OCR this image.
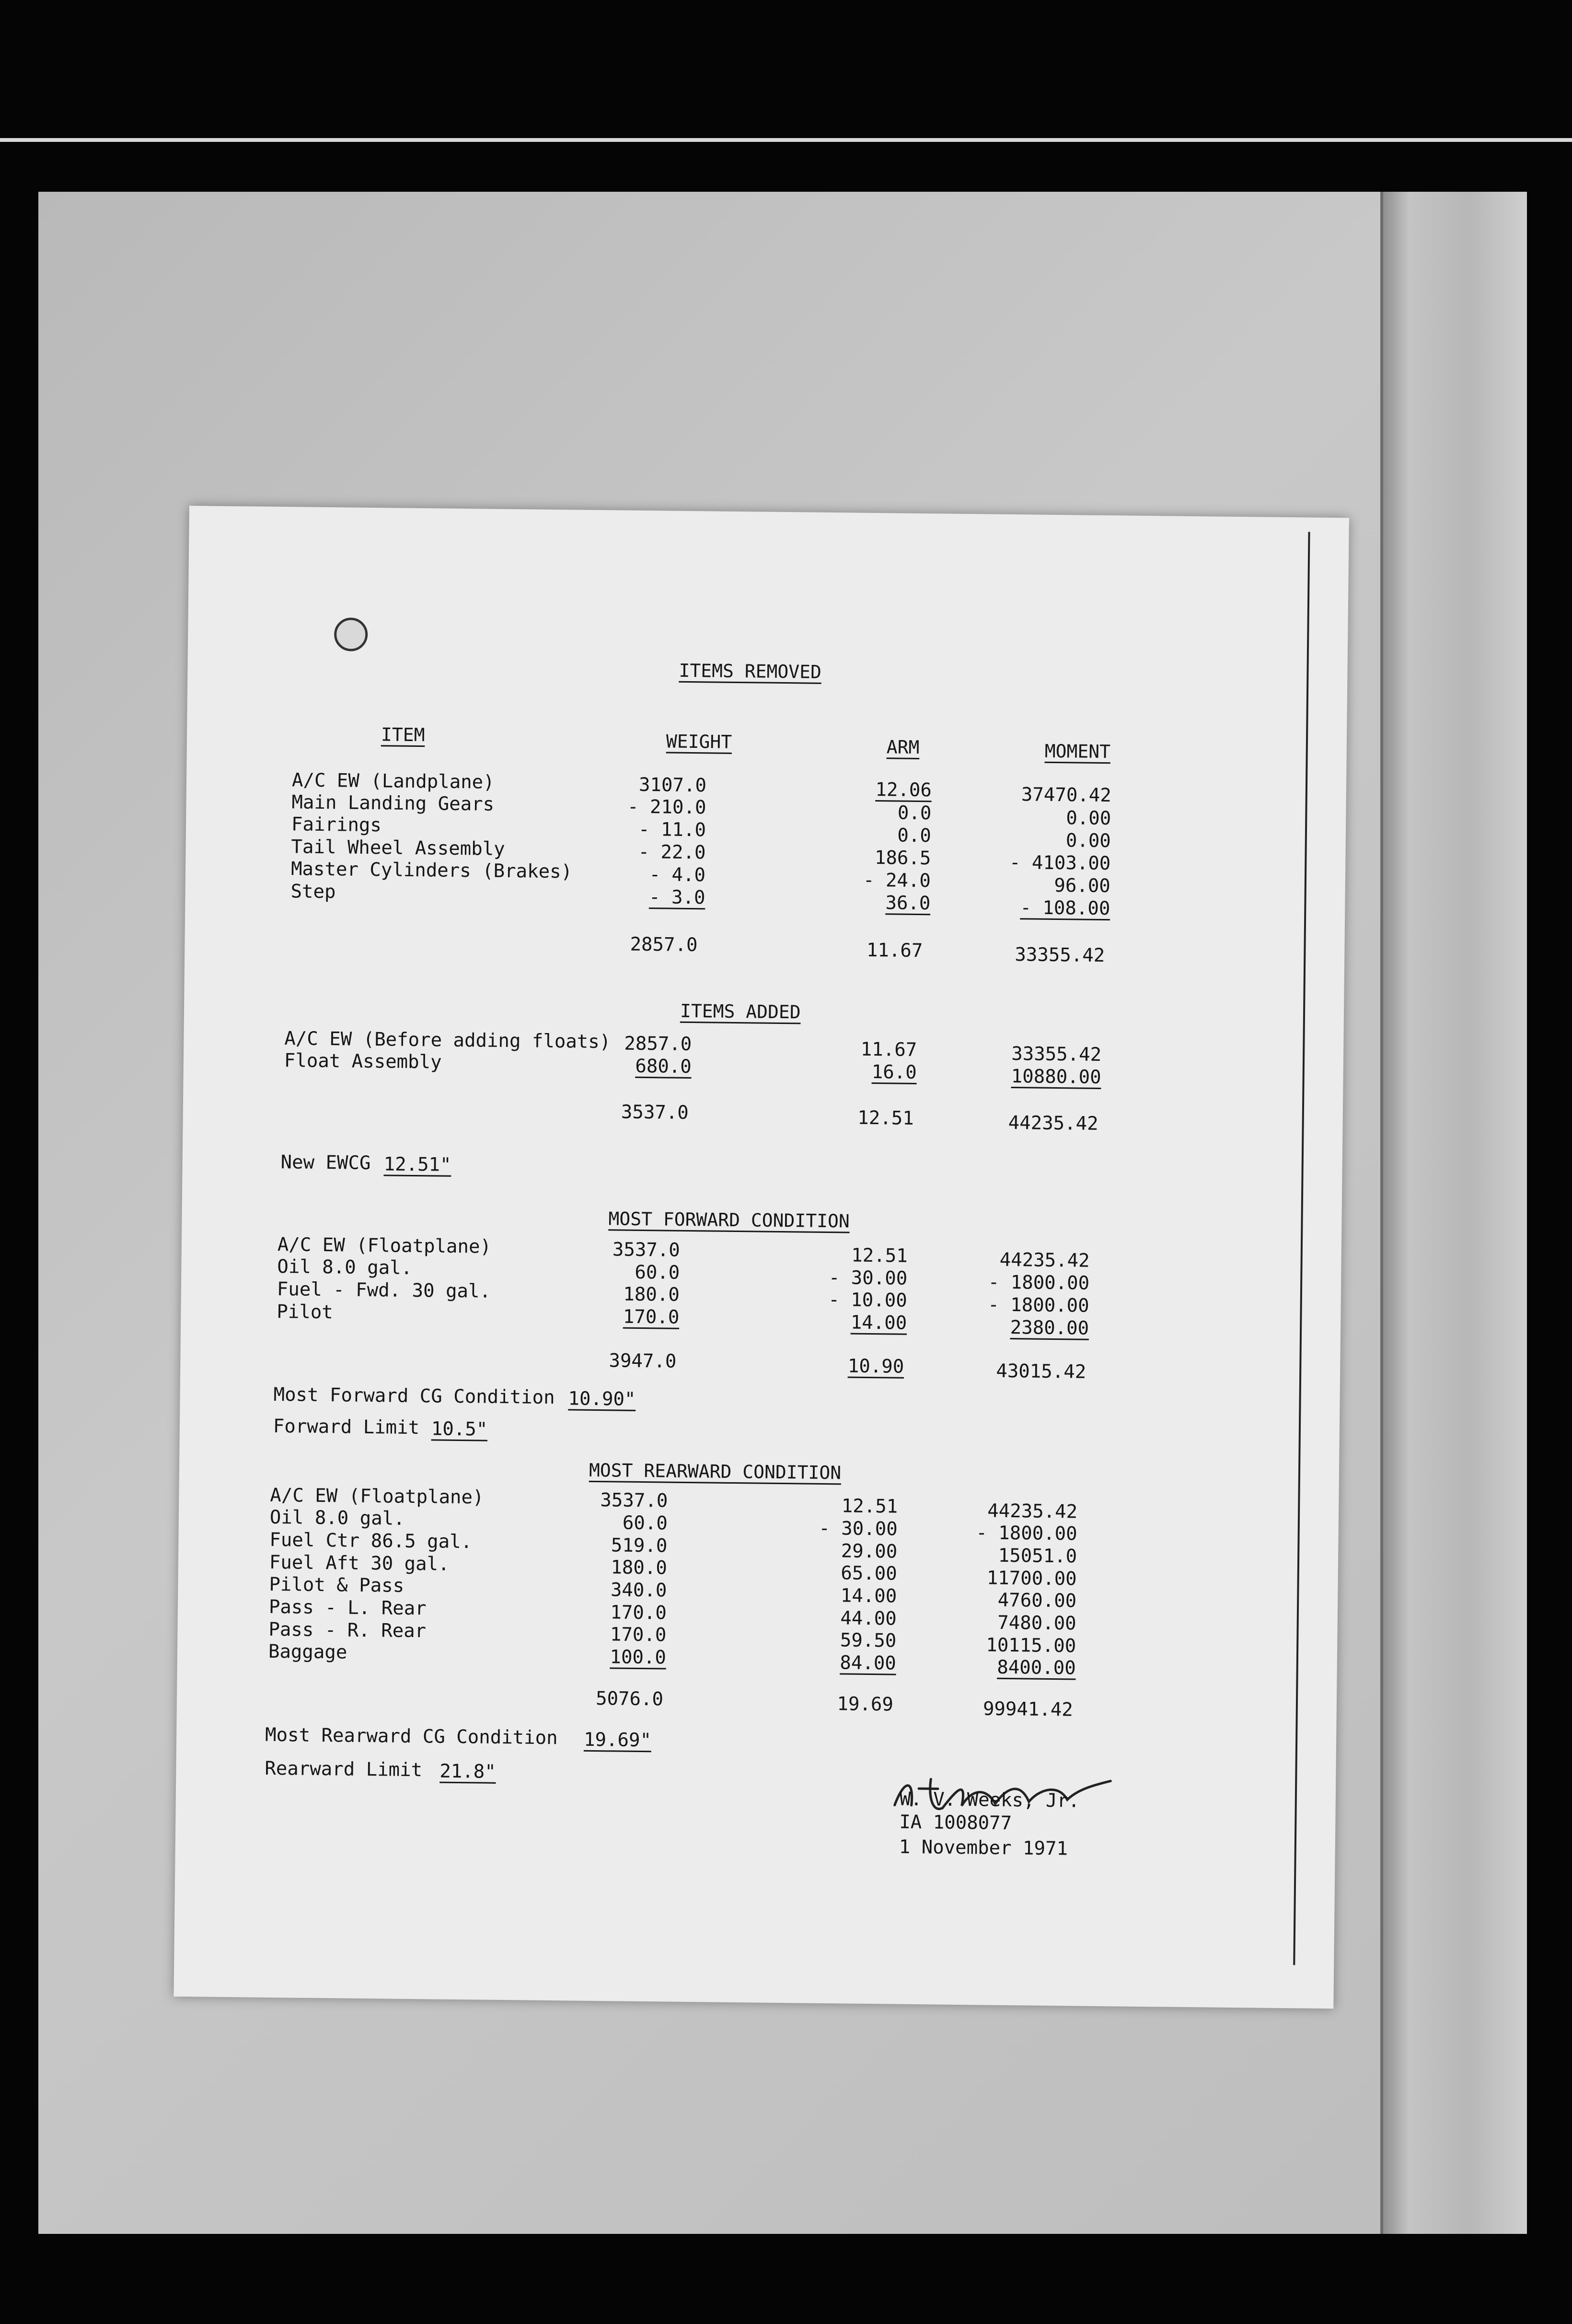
ITEMS REMOVED
ITEM	WEIGHT	ARM	MOMENT
A/C EW (Landplane)	3107.0	12.06	37470.42
Main Landing Gears	- 210.0	0.0	0.00
Fairings	- 11.0	0.0	0.00
Tail Wheel Assembly	- 22.0	186.5	- 4103.00
Master Cylinders (Brakes)	- 4.0	- 24.0	96.00
Step	- 3.0	36.0	- 108.00
2857.0	11.67	33355.42
ITEMS ADDED
A/C EW (Before adding floats) 2857.0	11.67	33355.42
Float Assembly	680.0	16.0	10880.00
3537.0	12.51	44235.42
New EWCG 12.51"
MOST FORWARD CONDITION
A/C EW (Floatplane)	3537.0	12.51	44235.42
Oil 8.0 gal.	60.0	- 30.00	- 1800.00
Fuel - Fwd. 30 gal.	180.0	- 10.00	- 1800.00
Pilot	170.0	14.00	2380.00
3947.0	10.90	43015.42
Most Forward CG Condition 10.90"
Forward Limit 10.5"
MOST REARWARD CONDITION
A/C EW (Floatplane)	3537.0	12.51	44235.42
Oil 8.0 gal.	60.0	- 30.00	- 1800.00
Fuel Ctr 86.5 gal.	519.0	29.00	15051.0
Fuel Aft 30 gal.	180.0	65.00	11700.00
Pilot & Pass	340.0	14.00	4760.00
Pass - L. Rear	170.0	44.00	7480.00
Pass - R. Rear	170.0	59.50	10115.00
Baggage	100.0	84.00	8400.00
5076.0	19.69	99941.42
Most Rearward CG Condition 19.69"
Rearward Limit 21.8"
W. V. Weeks, Jr.
IA 1008077
1 November 1971
